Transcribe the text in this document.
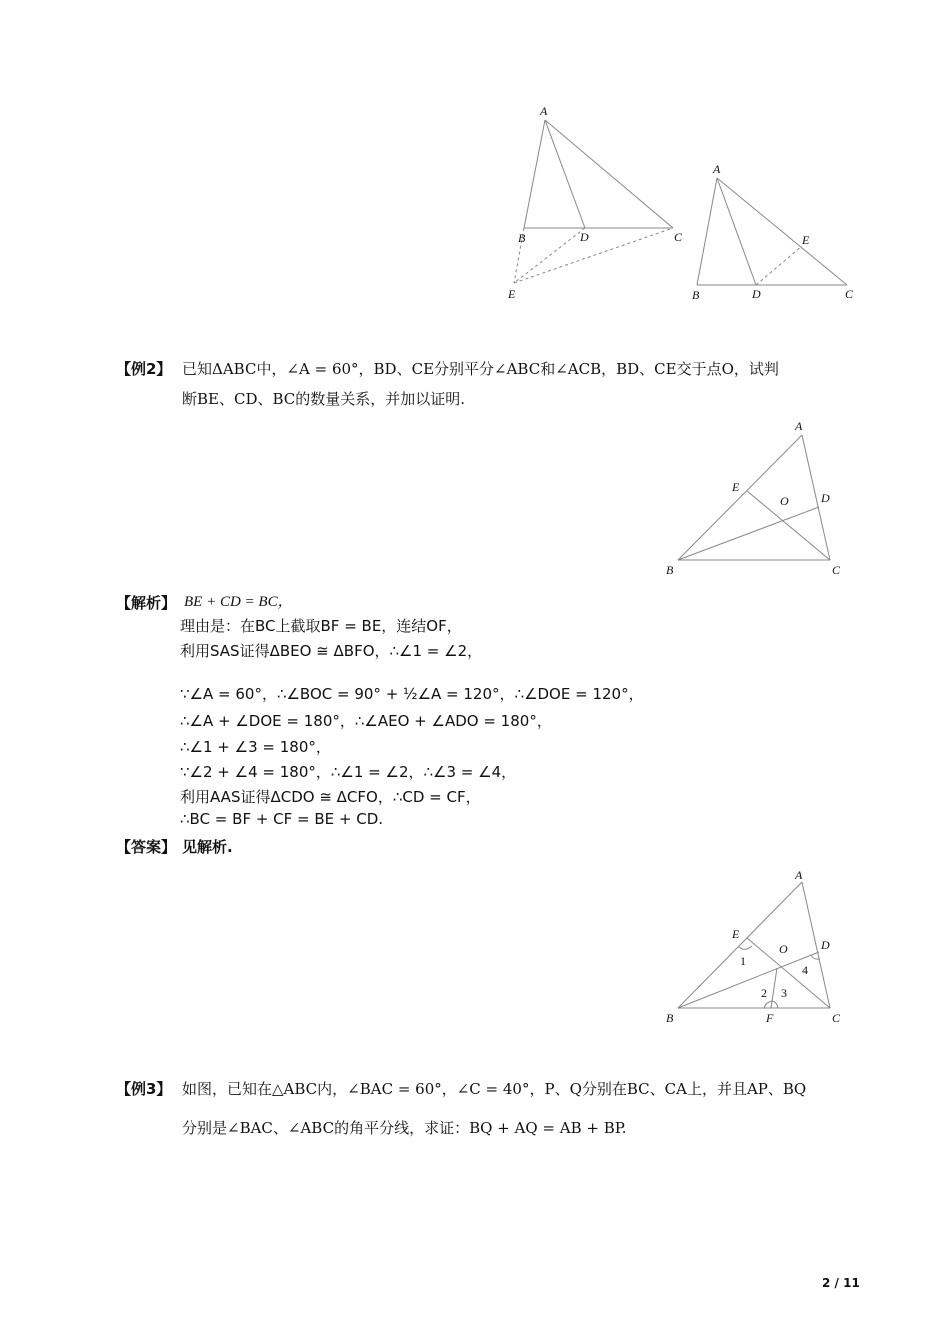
A
B	D	C
E
A
E
B	D	C
【例2】 已知ΔABC中，∠A = 60°，BD、CE分别平分∠ABC和∠ACB，BD、CE交于点O，试判
断BE、CD、BC的数量关系，并加以证明.
A
E
O	D
B	C
【解析】 BE + CD = BC，
理由是：在BC上截取BF = BE，连结OF，
利用SAS证得ΔBEO ≅ ΔBFO，∴∠1 = ∠2，
∵∠A = 60°，∴∠BOC = 90° + ½∠A = 120°，∴∠DOE = 120°，
∴∠A + ∠DOE = 180°，∴∠AEO + ∠ADO = 180°，
∴∠1 + ∠3 = 180°，
∵∠2 + ∠4 = 180°，∴∠1 = ∠2，∴∠3 = ∠4，
利用AAS证得ΔCDO ≅ ΔCFO，∴CD = CF，
∴BC = BF + CF = BE + CD.
【答案】 见解析.
A
E
O	D
B	F	C
1
2 3
4
【例3】 如图，已知在△ABC内，∠BAC = 60°，∠C = 40°，P、Q分别在BC、CA上，并且AP、BQ
分别是∠BAC、∠ABC的角平分线，求证：BQ + AQ = AB + BP.
2 / 11
